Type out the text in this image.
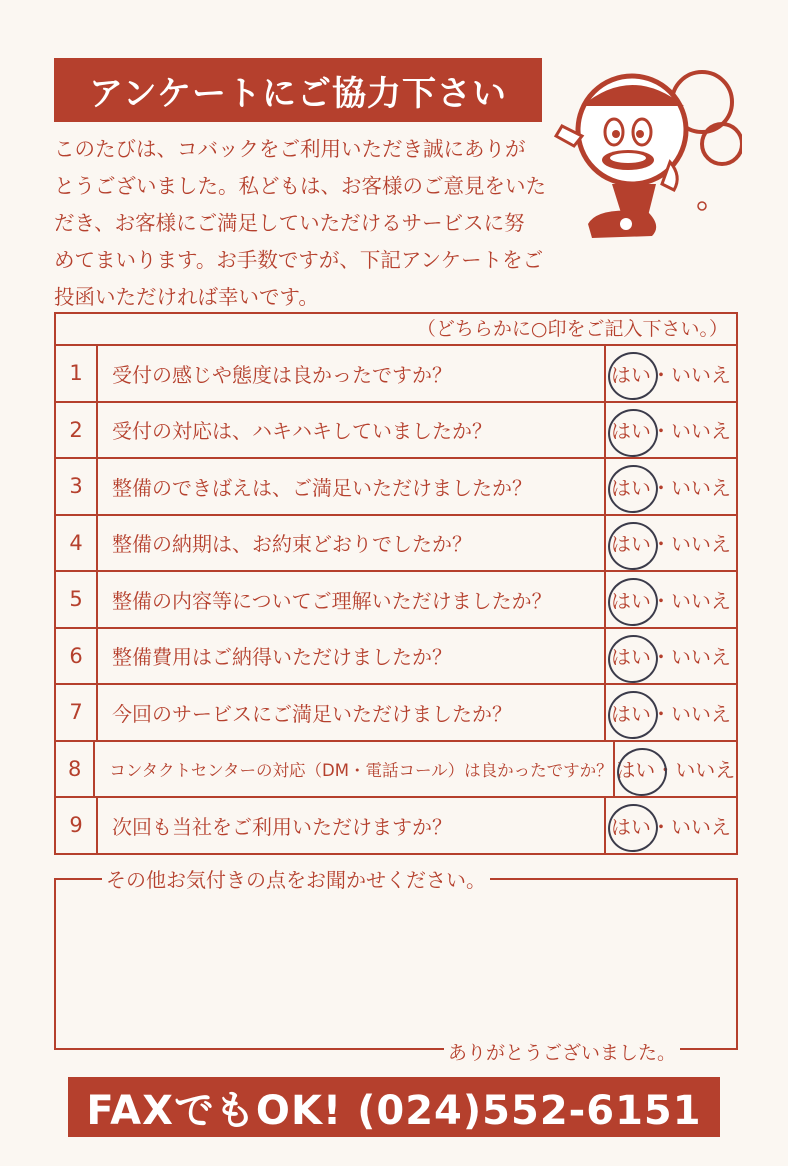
アンケートにご協力下さい
このたびは、コバックをご利用いただき誠にありが
とうございました。私どもは、お客様のご意見をいた
だき、お客様にご満足していただけるサービスに努
めてまいります。お手数ですが、下記アンケートをご
投函いただければ幸いです。
（どちらかに○印をご記入下さい。）
1	受付の感じや態度は良かったですか？	はい ・ いいえ
2	受付の対応は、ハキハキしていましたか？	はい ・ いいえ
3	整備のできばえは、ご満足いただけましたか？	はい ・ いいえ
4	整備の納期は、お約束どおりでしたか？	はい ・ いいえ
5	整備の内容等についてご理解いただけましたか？	はい ・ いいえ
6	整備費用はご納得いただけましたか？	はい ・ いいえ
7	今回のサービスにご満足いただけましたか？	はい ・ いいえ
8	コンタクトセンターの対応（DM・電話コール）は良かったですか？ はい ・ いいえ
9	次回も当社をご利用いただけますか？	はい ・ いいえ
その他お気付きの点をお聞かせください。
ありがとうございました。
FAXでもOK! (024)552-6151
